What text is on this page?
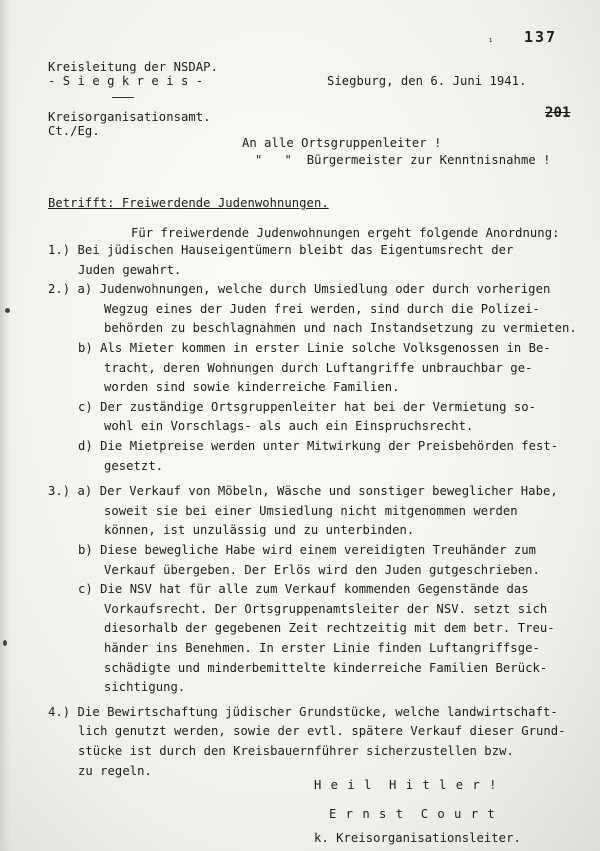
¹ 137
Kreisleitung der NSDAP.
- S i e g k r e i s -	Siegburg, den 6. Juni 1941.
201
Kreisorganisationsamt.
Ct./Eg.
An alle Ortsgruppenleiter !
"   "  Bürgermeister zur Kenntnisnahme !
Betrifft: Freiwerdende Judenwohnungen.
Für freiwerdende Judenwohnungen ergeht folgende Anordnung:
1.) Bei jüdischen Hauseigentümern bleibt das Eigentumsrecht der
Juden gewahrt.
2.) a) Judenwohnungen, welche durch Umsiedlung oder durch vorherigen
Wegzug eines der Juden frei werden, sind durch die Polizei-
behörden zu beschlagnahmen und nach Instandsetzung zu vermieten.
b) Als Mieter kommen in erster Linie solche Volksgenossen in Be-
tracht, deren Wohnungen durch Luftangriffe unbrauchbar ge-
worden sind sowie kinderreiche Familien.
c) Der zuständige Ortsgruppenleiter hat bei der Vermietung so-
wohl ein Vorschlags- als auch ein Einspruchsrecht.
d) Die Mietpreise werden unter Mitwirkung der Preisbehörden fest-
gesetzt.
3.) a) Der Verkauf von Möbeln, Wäsche und sonstiger beweglicher Habe,
soweit sie bei einer Umsiedlung nicht mitgenommen werden
können, ist unzulässig und zu unterbinden.
b) Diese bewegliche Habe wird einem vereidigten Treuhänder zum
Verkauf übergeben. Der Erlös wird den Juden gutgeschrieben.
c) Die NSV hat für alle zum Verkauf kommenden Gegenstände das
Vorkaufsrecht. Der Ortsgruppenamtsleiter der NSV. setzt sich
diesorhalb der gegebenen Zeit rechtzeitig mit dem betr. Treu-
händer ins Benehmen. In erster Linie finden Luftangriffsge-
schädigte und minderbemittelte kinderreiche Familien Berück-
sichtigung.
4.) Die Bewirtschaftung jüdischer Grundstücke, welche landwirtschaft-
lich genutzt werden, sowie der evtl. spätere Verkauf dieser Grund-
stücke ist durch den Kreisbauernführer sicherzustellen bzw.
zu regeln.
H e i l  H i t l e r !
E r n s t  C o u r t
k. Kreisorganisationsleiter.
